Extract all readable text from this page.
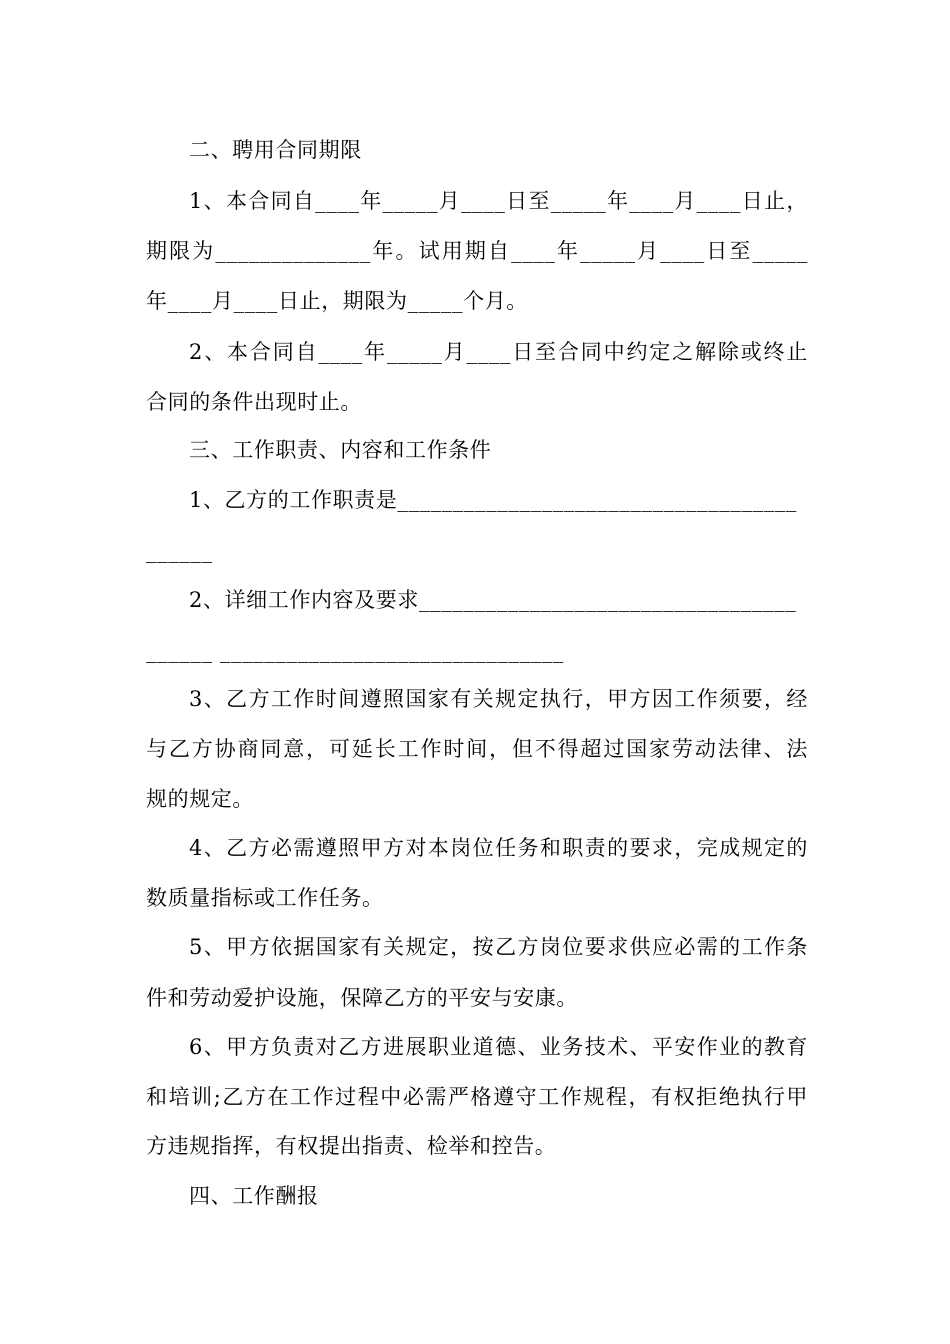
二、聘用合同期限
1、本合同自____年_____月____日至_____年____月____日止，
期限为______________年。试用期自____年_____月____日至_____
年____月____日止，期限为_____个月。
2、本合同自____年_____月____日至合同中约定之解除或终止
合同的条件出现时止。
三、工作职责、内容和工作条件
1、乙方的工作职责是____________________________________
______
2、详细工作内容及要求__________________________________
______ _______________________________
3、乙方工作时间遵照国家有关规定执行，甲方因工作须要，经
与乙方协商同意，可延长工作时间，但不得超过国家劳动法律、法
规的规定。
4、乙方必需遵照甲方对本岗位任务和职责的要求，完成规定的
数质量指标或工作任务。
5、甲方依据国家有关规定，按乙方岗位要求供应必需的工作条
件和劳动爱护设施，保障乙方的平安与安康。
6、甲方负责对乙方进展职业道德、业务技术、平安作业的教育
和培训;乙方在工作过程中必需严格遵守工作规程，有权拒绝执行甲
方违规指挥，有权提出指责、检举和控告。
四、工作酬报
